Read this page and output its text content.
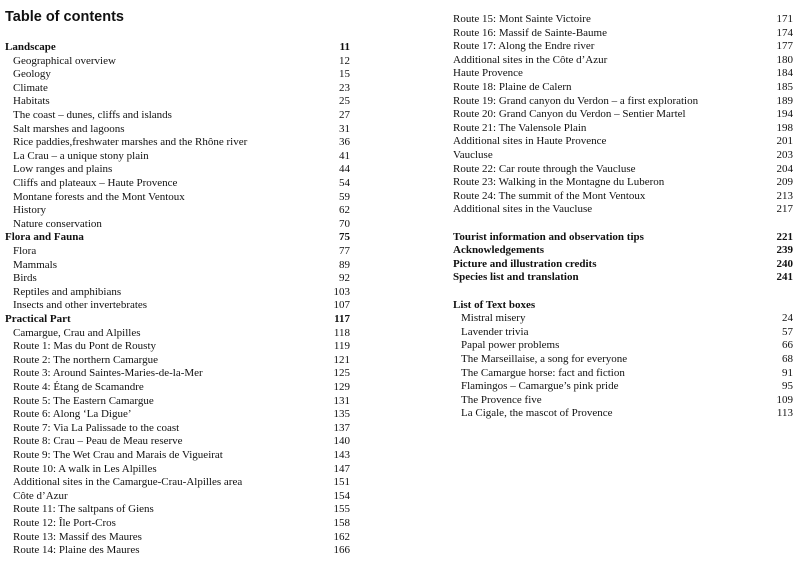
Table of contents
Landscape	11
Geographical overview	12
Geology	15
Climate	23
Habitats	25
The coast – dunes, cliffs and islands	27
Salt marshes and lagoons	31
Rice paddies,freshwater marshes and the Rhône river	36
La Crau – a unique stony plain	41
Low ranges and plains	44
Cliffs and plateaux – Haute Provence	54
Montane forests and the Mont Ventoux	59
History	62
Nature conservation	70
Flora and Fauna	75
Flora	77
Mammals	89
Birds	92
Reptiles and amphibians	103
Insects and other invertebrates	107
Practical Part	117
Camargue, Crau and Alpilles	118
Route 1: Mas du Pont de Rousty	119
Route 2: The northern Camargue	121
Route 3: Around Saintes-Maries-de-la-Mer	125
Route 4: Étang de Scamandre	129
Route 5: The Eastern Camargue	131
Route 6: Along ‘La Digue’	135
Route 7: Via La Palissade to the coast	137
Route 8: Crau – Peau de Meau reserve	140
Route 9: The Wet Crau and Marais de Vigueirat	143
Route 10: A walk in Les Alpilles	147
Additional sites in the Camargue-Crau-Alpilles area	151
Côte d’Azur	154
Route 11: The saltpans of Giens	155
Route 12: Île Port-Cros	158
Route 13: Massif des Maures	162
Route 14: Plaine des Maures	166
Route 15: Mont Sainte Victoire	171
Route 16: Massif de Sainte-Baume	174
Route 17: Along the Endre river	177
Additional sites in the Côte d’Azur	180
Haute Provence	184
Route 18: Plaine de Calern	185
Route 19: Grand canyon du Verdon – a first exploration	189
Route 20: Grand Canyon du Verdon – Sentier Martel	194
Route 21: The Valensole Plain	198
Additional sites in Haute Provence	201
Vaucluse	203
Route 22: Car route through the Vaucluse	204
Route 23: Walking in the Montagne du Luberon	209
Route 24: The summit of the Mont Ventoux	213
Additional sites in the Vaucluse	217
Tourist information and observation tips	221
Acknowledgements	239
Picture and illustration credits	240
Species list and translation	241
List of Text boxes
Mistral misery	24
Lavender trivia	57
Papal power problems	66
The Marseillaise, a song for everyone	68
The Camargue horse: fact and fiction	91
Flamingos – Camargue’s pink pride	95
The Provence five	109
La Cigale, the mascot of Provence	113
